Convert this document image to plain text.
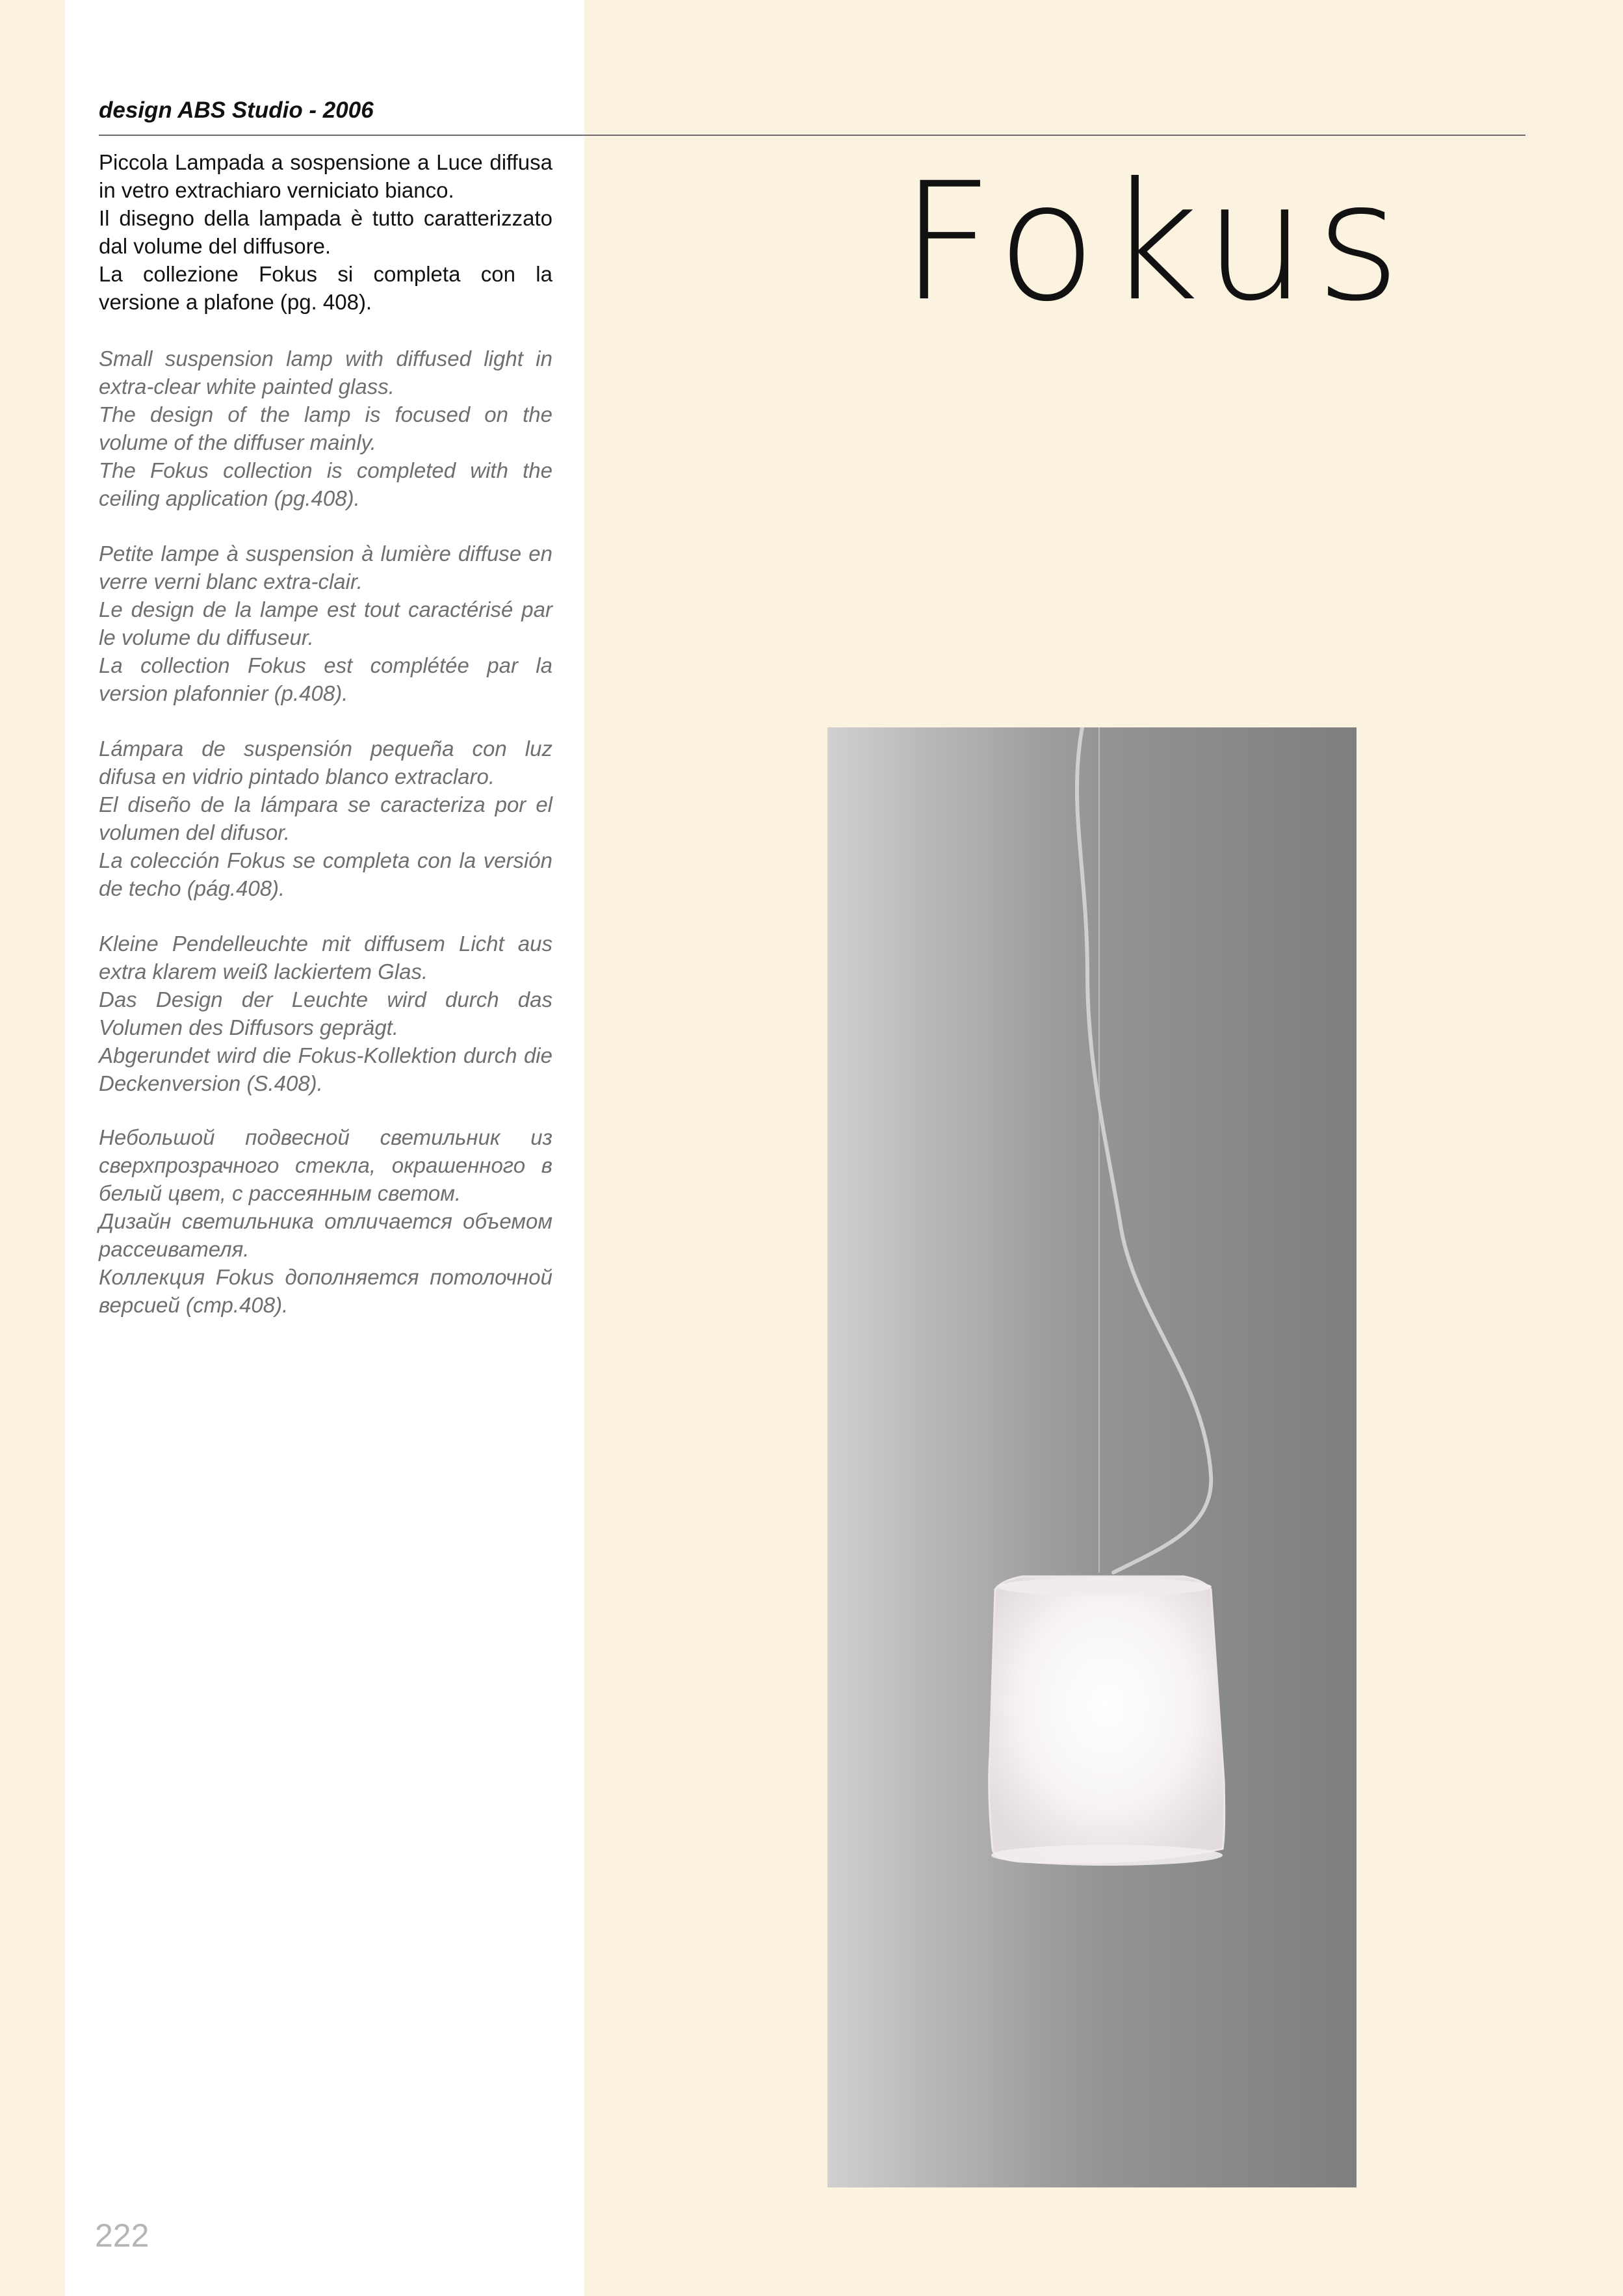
design ABS Studio - 2006

Piccola Lampada a sospensione a Luce diffusa in vetro extrachiaro verniciato bianco.

Il disegno della lampada è tutto caratterizzato dal volume del diffusore.

La collezione Fokus si completa con la versione a plafone (pg. 408).

Small suspension lamp with diffused light in extra-clear white painted glass.

The design of the lamp is focused on the volume of the diffuser mainly.

The Fokus collection is completed with the ceiling application (pg.408).

Petite lampe à suspension à lumière diffuse en verre verni blanc extra-clair.

Le design de la lampe est tout caractérisé par le volume du diffuseur.

La collection Fokus est complétée par la version plafonnier (p.408).

Lámpara de suspensión pequeña con luz difusa en vidrio pintado blanco extraclaro.

El diseño de la lámpara se caracteriza por el volumen del difusor.

La colección Fokus se completa con la versión de techo (pág.408).

Kleine Pendelleuchte mit diffusem Licht aus extra klarem weiß lackiertem Glas.

Das Design der Leuchte wird durch das Volumen des Diffusors geprägt.

Abgerundet wird die Fokus-Kollektion durch die Deckenversion (S.408).

Небольшой подвесной светильник из сверхпрозрачного стекла, окрашенного в белый цвет, с рассеянным светом.

Дизайн светильника отличается объемом рассеивателя.

Коллекция Fokus дополняется потолочной версией (стр.408).

Fokus

222
